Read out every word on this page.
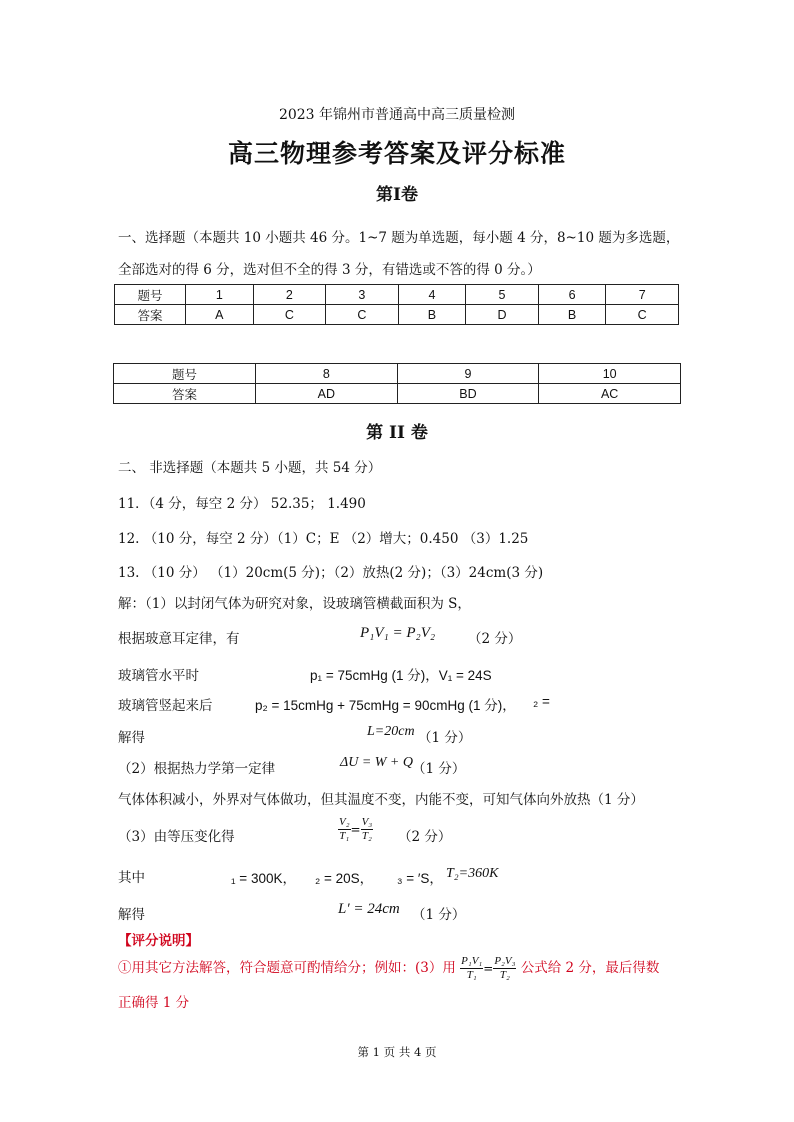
2023 年锦州市普通高中高三质量检测
高三物理参考答案及评分标准
第Ⅰ卷
一、选择题（本题共 10 小题共 46 分。1~7 题为单选题，每小题 4 分，8~10 题为多选题，
全部选对的得 6 分，选对但不全的得 3 分，有错选或不答的得 0 分。）
题号	1	2	3	4	5	6	7
答案	A	C	C	B	D	B	C
题号	8	9	10
答案	AD	BD	AC
第 II 卷
二、 非选择题（本题共 5 小题，共 54 分）
11．（4 分，每空 2 分） 52.35； 1.490
12. （10 分，每空 2 分）（1）C；E （2）增大；0.450 （3）1.25
13. （10 分） （1）20cm(5 分)；（2）放热(2 分)；（3）24cm(3 分)
解：（1）以封闭气体为研究对象，设玻璃管横截面积为 S，
根据玻意耳定律，有	P₁V₁ = P₂V₂ （2 分）
玻璃管水平时	p₁ = 75cmHg (1 分)，V₁ = 24S
玻璃管竖起来后	p₂ = 15cmHg + 75cmHg = 90cmHg (1 分)， ₂ =
解得	L=20cm （1 分）
（2）根据热力学第一定律	ΔU = W + Q （1 分）
气体体积减小，外界对气体做功，但其温度不变，内能不变，可知气体向外放热（1 分）
（3）由等压变化得	$\frac{\text{V₂}}{\text{T₁}} = \frac{\text{V₃}}{\text{T₂}} (2$ 分）
其中	₁ = 300K， ₂ = 20S， ₃ = ′S， T₂=360K
解得	L′ = 24cm （1 分）
【评分说明】
①用其它方法解答，符合题意可酌情给分；例如：(3）用 $\frac{\text{P₁V₁}}{\text{T₁}} = \frac{\text{P₂V₃}}{\text{T₂}}$ 公式给 2 分，最后得数
正确得 1 分
第 1 页 共 4 页
